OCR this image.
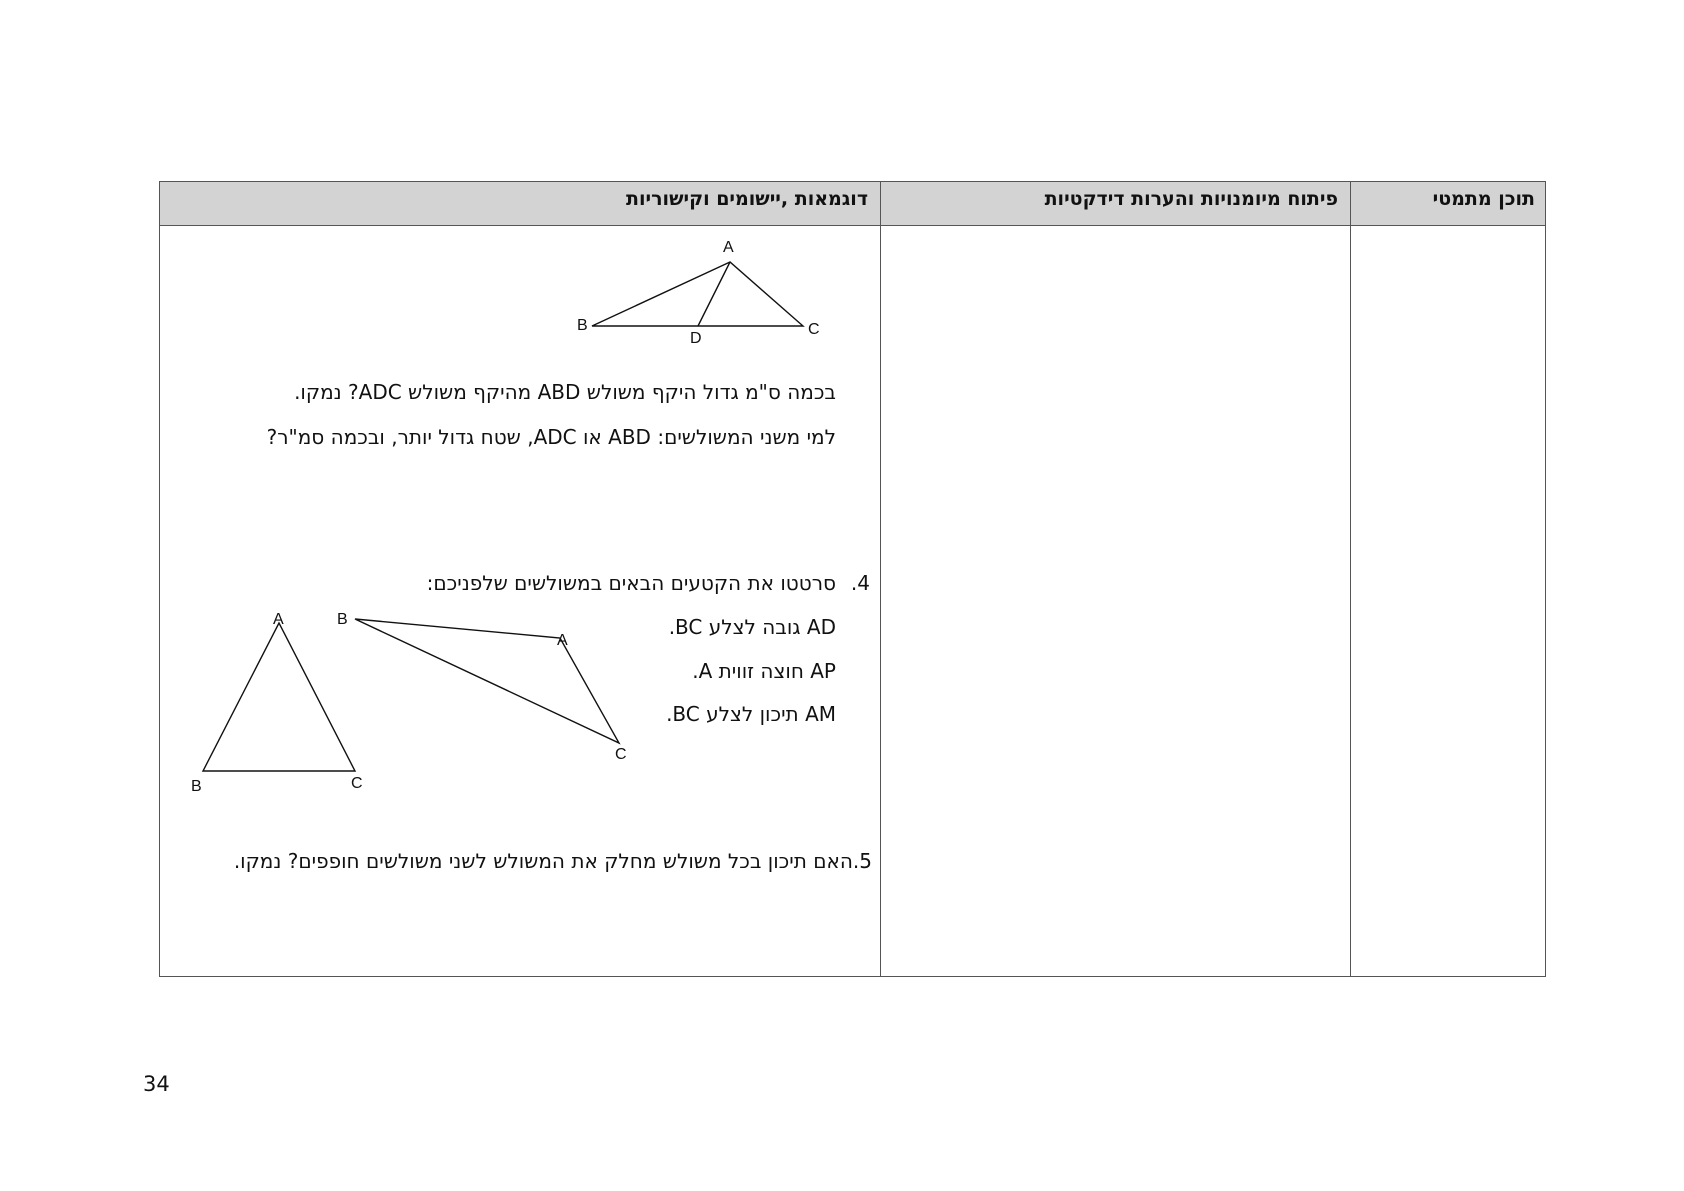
תוכן מתמטי
פיתוח מיומנויות והערות דידקטיות
דוגמאות ,יישומים וקישוריות
A
B	C
D
B
A
C
A
B	C
בכמה ס"מ גדול היקף משולש ABD מהיקף משולש ADC? נמקו.
למי משני המשולשים: ABD או ADC, שטח גדול יותר, ובכמה סמ"ר?
4.
סרטטו את הקטעים הבאים במשולשים שלפניכם:
AD גובה לצלע BC.
AP חוצה זווית A.
AM תיכון לצלע BC.
5.האם תיכון בכל משולש מחלק את המשולש לשני משולשים חופפים? נמקו.
34
